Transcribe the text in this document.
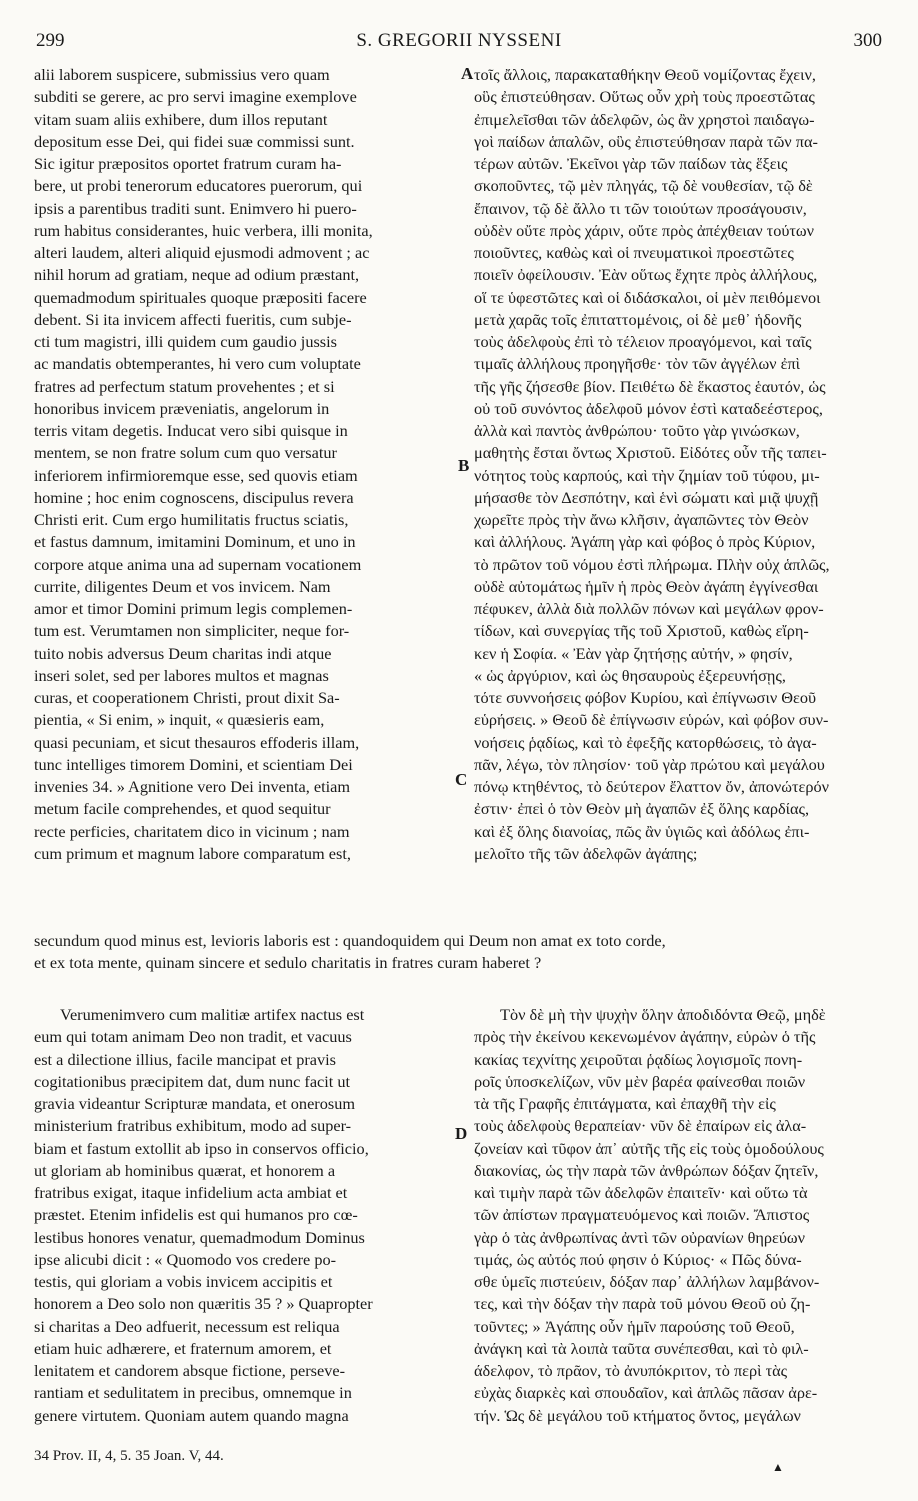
299	S. GREGORII NYSSENI	300
A
B
C
D

alii laborem suspicere, submissius vero quam

subditi se gerere, ac pro servi imagine exemplove

vitam suam aliis exhibere, dum illos reputant

depositum esse Dei, qui fidei suæ commissi sunt.

Sic igitur præpositos oportet fratrum curam ha-

bere, ut probi tenerorum educatores puerorum, qui

ipsis a parentibus traditi sunt. Enimvero hi puero-

rum habitus considerantes, huic verbera, illi monita,

alteri laudem, alteri aliquid ejusmodi admovent ; ac

nihil horum ad gratiam, neque ad odium præstant,

quemadmodum spirituales quoque præpositi facere

debent. Si ita invicem affecti fueritis, cum subje-

cti tum magistri, illi quidem cum gaudio jussis

ac mandatis obtemperantes, hi vero cum voluptate

fratres ad perfectum statum provehentes ; et si

honoribus invicem præveniatis, angelorum in

terris vitam degetis. Inducat vero sibi quisque in

mentem, se non fratre solum cum quo versatur

inferiorem infirmioremque esse, sed quovis etiam

homine ; hoc enim cognoscens, discipulus revera

Christi erit. Cum ergo humilitatis fructus sciatis,

et fastus damnum, imitamini Dominum, et uno in

corpore atque anima una ad supernam vocationem

currite, diligentes Deum et vos invicem. Nam

amor et timor Domini primum legis complemen-

tum est. Verumtamen non simpliciter, neque for-

tuito nobis adversus Deum charitas indi atque

inseri solet, sed per labores multos et magnas

curas, et cooperationem Christi, prout dixit Sa-

pientia, « Si enim, » inquit, « quæsieris eam,

quasi pecuniam, et sicut thesauros effoderis illam,

tunc intelliges timorem Domini, et scientiam Dei

invenies 34. » Agnitione vero Dei inventa, etiam

metum facile comprehendes, et quod sequitur

recte perficies, charitatem dico in vicinum ; nam

cum primum et magnum labore comparatum est,

τοῖς ἄλλοις, παρακαταθήκην Θεοῦ νομίζοντας ἔχειν,

οὓς ἐπιστεύθησαν. Οὕτως οὖν χρὴ τοὺς προεστῶτας

ἐπιμελεῖσθαι τῶν ἀδελφῶν, ὡς ἂν χρηστοὶ παιδαγω-

γοὶ παίδων ἁπαλῶν, οὓς ἐπιστεύθησαν παρὰ τῶν πα-

τέρων αὐτῶν. Ἐκεῖνοι γὰρ τῶν παίδων τὰς ἕξεις

σκοποῦντες, τῷ μὲν πληγάς, τῷ δὲ νουθεσίαν, τῷ δὲ

ἔπαινον, τῷ δὲ ἄλλο τι τῶν τοιούτων προσάγουσιν,

οὐδὲν οὔτε πρὸς χάριν, οὔτε πρὸς ἀπέχθειαν τούτων

ποιοῦντες, καθὼς καὶ οἱ πνευματικοὶ προεστῶτες

ποιεῖν ὀφείλουσιν. Ἐὰν οὕτως ἔχητε πρὸς ἀλλήλους,

οἵ τε ὑφεστῶτες καὶ οἱ διδάσκαλοι, οἱ μὲν πειθόμενοι

μετὰ χαρᾶς τοῖς ἐπιταττομένοις, οἱ δὲ μεθ᾽ ἡδονῆς

τοὺς ἀδελφοὺς ἐπὶ τὸ τέλειον προαγόμενοι, καὶ ταῖς

τιμαῖς ἀλλήλους προηγῆσθε· τὸν τῶν ἀγγέλων ἐπὶ

τῆς γῆς ζήσεσθε βίον. Πειθέτω δὲ ἕκαστος ἑαυτόν, ὡς

οὐ τοῦ συνόντος ἀδελφοῦ μόνον ἐστὶ καταδεέστερος,

ἀλλὰ καὶ παντὸς ἀνθρώπου· τοῦτο γὰρ γινώσκων,

μαθητὴς ἔσται ὄντως Χριστοῦ. Εἰδότες οὖν τῆς ταπει-

νότητος τοὺς καρπούς, καὶ τὴν ζημίαν τοῦ τύφου, μι-

μήσασθε τὸν Δεσπότην, καὶ ἑνὶ σώματι καὶ μιᾷ ψυχῇ

χωρεῖτε πρὸς τὴν ἄνω κλῆσιν, ἀγαπῶντες τὸν Θεὸν

καὶ ἀλλήλους. Ἀγάπη γὰρ καὶ φόβος ὁ πρὸς Κύριον,

τὸ πρῶτον τοῦ νόμου ἐστὶ πλήρωμα. Πλὴν οὐχ ἁπλῶς,

οὐδὲ αὐτομάτως ἡμῖν ἡ πρὸς Θεὸν ἀγάπη ἐγγίνεσθαι

πέφυκεν, ἀλλὰ διὰ πολλῶν πόνων καὶ μεγάλων φρον-

τίδων, καὶ συνεργίας τῆς τοῦ Χριστοῦ, καθὼς εἴρη-

κεν ἡ Σοφία. « Ἐὰν γὰρ ζητήσῃς αὐτήν, » φησίν,

« ὡς ἀργύριον, καὶ ὡς θησαυροὺς ἐξερευνήσῃς,

τότε συννοήσεις φόβον Κυρίου, καὶ ἐπίγνωσιν Θεοῦ

εὑρήσεις. » Θεοῦ δὲ ἐπίγνωσιν εὑρών, καὶ φόβον συν-

νοήσεις ῥᾳδίως, καὶ τὸ ἐφεξῆς κατορθώσεις, τὸ ἀγα-

πᾶν, λέγω, τὸν πλησίον· τοῦ γὰρ πρώτου καὶ μεγάλου

πόνῳ κτηθέντος, τὸ δεύτερον ἔλαττον ὄν, ἀπονώτερόν

ἐστιν· ἐπεὶ ὁ τὸν Θεὸν μὴ ἀγαπῶν ἐξ ὅλης καρδίας,

καὶ ἐξ ὅλης διανοίας, πῶς ἂν ὑγιῶς καὶ ἀδόλως ἐπι-

μελοῖτο τῆς τῶν ἀδελφῶν ἀγάπης;

secundum quod minus est, levioris laboris est : quandoquidem qui Deum non amat ex toto corde,

et ex tota mente, quinam sincere et sedulo charitatis in fratres curam haberet ?

Verumenimvero cum malitiæ artifex nactus est

eum qui totam animam Deo non tradit, et vacuus

est a dilectione illius, facile mancipat et pravis

cogitationibus præcipitem dat, dum nunc facit ut

gravia videantur Scripturæ mandata, et onerosum

ministerium fratribus exhibitum, modo ad super-

biam et fastum extollit ab ipso in conservos officio,

ut gloriam ab hominibus quærat, et honorem a

fratribus exigat, itaque infidelium acta ambiat et

præstet. Etenim infidelis est qui humanos pro cœ-

lestibus honores venatur, quemadmodum Dominus

ipse alicubi dicit : « Quomodo vos credere po-

testis, qui gloriam a vobis invicem accipitis et

honorem a Deo solo non quæritis 35 ? » Quapropter

si charitas a Deo adfuerit, necessum est reliqua

etiam huic adhærere, et fraternum amorem, et

lenitatem et candorem absque fictione, perseve-

rantiam et sedulitatem in precibus, omnemque in

genere virtutem. Quoniam autem quando magna

Τὸν δὲ μὴ τὴν ψυχὴν ὅλην ἀποδιδόντα Θεῷ, μηδὲ

πρὸς τὴν ἐκείνου κεκενωμένον ἀγάπην, εὑρὼν ὁ τῆς

κακίας τεχνίτης χειροῦται ῥᾳδίως λογισμοῖς πονη-

ροῖς ὑποσκελίζων, νῦν μὲν βαρέα φαίνεσθαι ποιῶν

τὰ τῆς Γραφῆς ἐπιτάγματα, καὶ ἐπαχθῆ τὴν εἰς

τοὺς ἀδελφοὺς θεραπείαν· νῦν δὲ ἐπαίρων εἰς ἀλα-

ζονείαν καὶ τῦφον ἀπ᾽ αὐτῆς τῆς εἰς τοὺς ὁμοδούλους

διακονίας, ὡς τὴν παρὰ τῶν ἀνθρώπων δόξαν ζητεῖν,

καὶ τιμὴν παρὰ τῶν ἀδελφῶν ἐπαιτεῖν· καὶ οὕτω τὰ

τῶν ἀπίστων πραγματευόμενος καὶ ποιῶν. Ἄπιστος

γὰρ ὁ τὰς ἀνθρωπίνας ἀντὶ τῶν οὐρανίων θηρεύων

τιμάς, ὡς αὐτός πού φησιν ὁ Κύριος· « Πῶς δύνα-

σθε ὑμεῖς πιστεύειν, δόξαν παρ᾽ ἀλλήλων λαμβάνον-

τες, καὶ τὴν δόξαν τὴν παρὰ τοῦ μόνου Θεοῦ οὐ ζη-

τοῦντες; » Ἀγάπης οὖν ἡμῖν παρούσης τοῦ Θεοῦ,

ἀνάγκη καὶ τὰ λοιπὰ ταῦτα συνέπεσθαι, καὶ τὸ φιλ-

άδελφον, τὸ πρᾶον, τὸ ἀνυπόκριτον, τὸ περὶ τὰς

εὐχὰς διαρκὲς καὶ σπουδαῖον, καὶ ἁπλῶς πᾶσαν ἀρε-

τήν. Ὡς δὲ μεγάλου τοῦ κτήματος ὄντος, μεγάλων

34 Prov. II, 4, 5. 35 Joan. V, 44.
▲
